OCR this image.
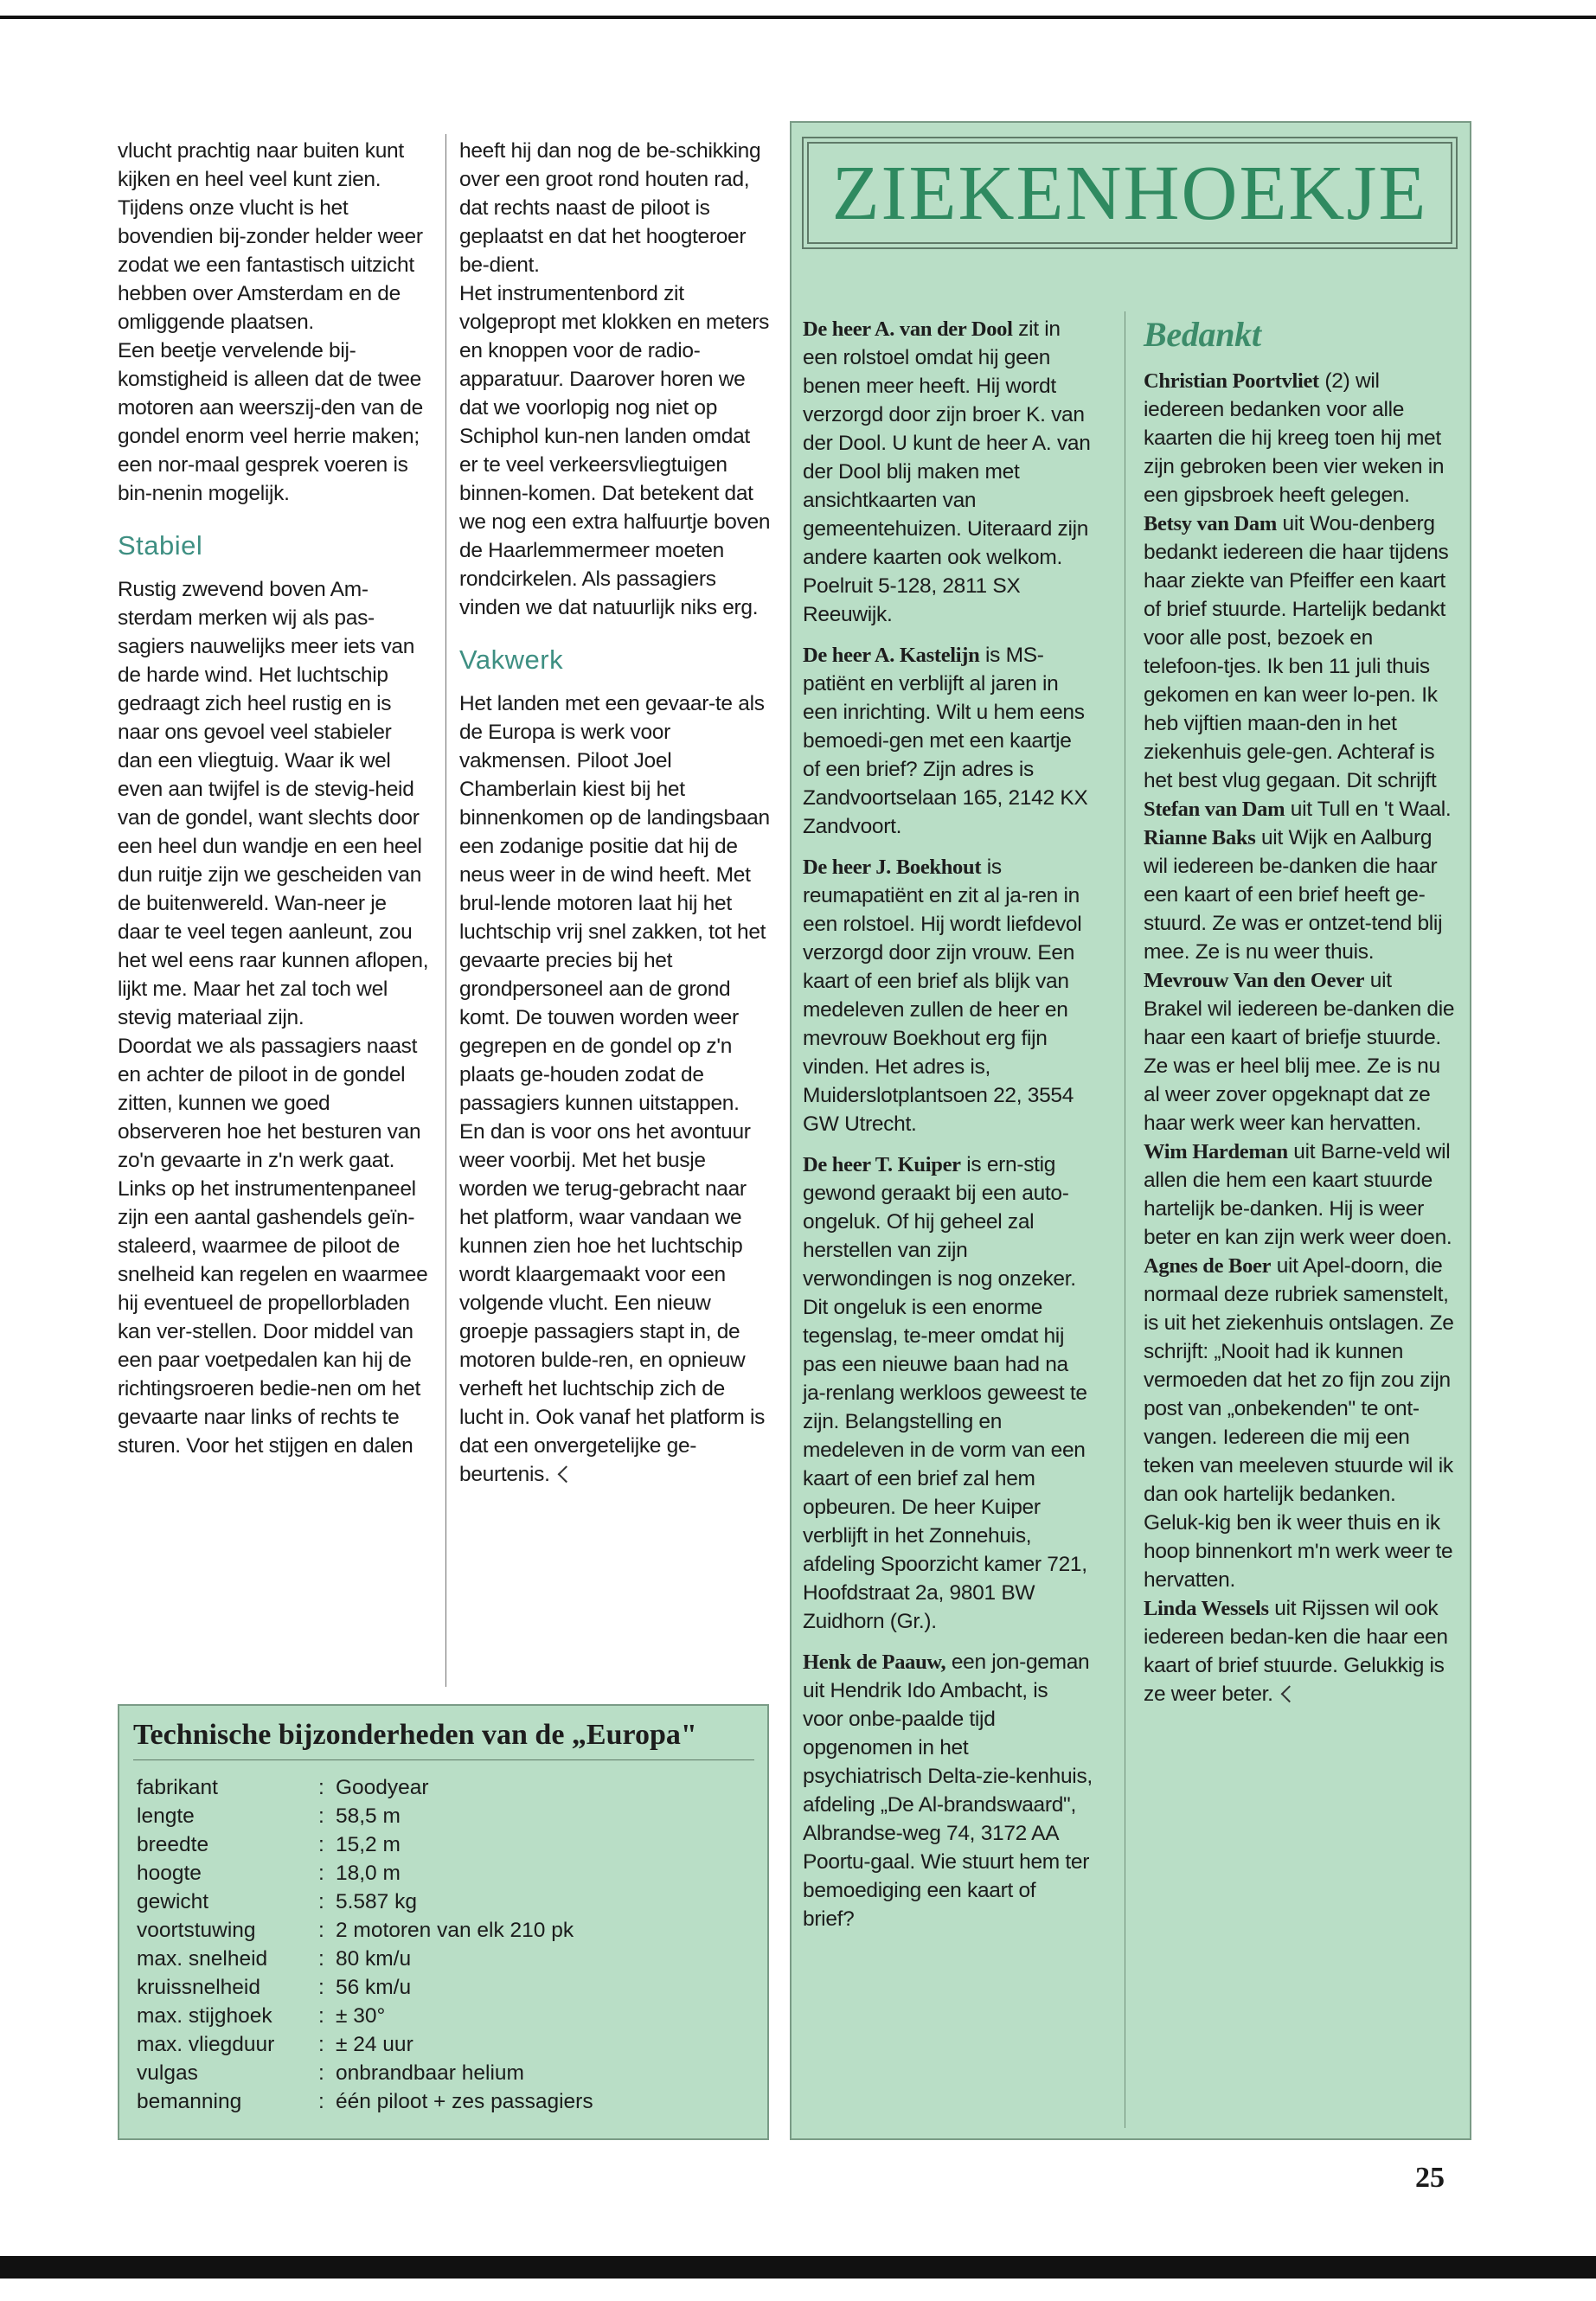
vlucht prachtig naar buiten kunt kijken en heel veel kunt zien. Tijdens onze vlucht is het bovendien bij-zonder helder weer zodat we een fantastisch uitzicht hebben over Amsterdam en de omliggende plaatsen.

Een beetje vervelende bij-komstigheid is alleen dat de twee motoren aan weerszij-den van de gondel enorm veel herrie maken; een nor-maal gesprek voeren is bin-nenin mogelijk.

Stabiel

Rustig zwevend boven Am-sterdam merken wij als pas-sagiers nauwelijks meer iets van de harde wind. Het luchtschip gedraagt zich heel rustig en is naar ons gevoel veel stabieler dan een vliegtuig. Waar ik wel even aan twijfel is de stevig-heid van de gondel, want slechts door een heel dun wandje en een heel dun ruitje zijn we gescheiden van de buitenwereld. Wan-neer je daar te veel tegen aanleunt, zou het wel eens raar kunnen aflopen, lijkt me. Maar het zal toch wel stevig materiaal zijn.

Doordat we als passagiers naast en achter de piloot in de gondel zitten, kunnen we goed observeren hoe het besturen van zo'n gevaarte in z'n werk gaat. Links op het instrumentenpaneel zijn een aantal gashendels geïn-staleerd, waarmee de piloot de snelheid kan regelen en waarmee hij eventueel de propellorbladen kan ver-stellen. Door middel van een paar voetpedalen kan hij de richtingsroeren bedie-nen om het gevaarte naar links of rechts te sturen. Voor het stijgen en dalen

heeft hij dan nog de be-schikking over een groot rond houten rad, dat rechts naast de piloot is geplaatst en dat het hoogteroer be-dient.

Het instrumentenbord zit volgepropt met klokken en meters en knoppen voor de radio-apparatuur. Daarover horen we dat we voorlopig nog niet op Schiphol kun-nen landen omdat er te veel verkeersvliegtuigen binnen-komen. Dat betekent dat we nog een extra halfuurtje boven de Haarlemmermeer moeten rondcirkelen. Als passagiers vinden we dat natuurlijk niks erg.

Vakwerk

Het landen met een gevaar-te als de Europa is werk voor vakmensen. Piloot Joel Chamberlain kiest bij het binnenkomen op de landingsbaan een zodanige positie dat hij de neus weer in de wind heeft. Met brul-lende motoren laat hij het luchtschip vrij snel zakken, tot het gevaarte precies bij het grondpersoneel aan de grond komt. De touwen worden weer gegrepen en de gondel op z'n plaats ge-houden zodat de passagiers kunnen uitstappen.

En dan is voor ons het avontuur weer voorbij. Met het busje worden we terug-gebracht naar het platform, waar vandaan we kunnen zien hoe het luchtschip wordt klaargemaakt voor een volgende vlucht. Een nieuw groepje passagiers stapt in, de motoren bulde-ren, en opnieuw verheft het luchtschip zich de lucht in. Ook vanaf het platform is dat een onvergetelijke ge-beurtenis.

Technische bijzonderheden van de „Europa"
fabrikant	: Goodyear
lengte	: 58,5 m
breedte	: 15,2 m
hoogte	: 18,0 m
gewicht	: 5.587 kg
voortstuwing	: 2 motoren van elk 210 pk
max. snelheid	: 80 km/u
kruissnelheid	: 56 km/u
max. stijghoek	: ± 30°
max. vliegduur	: ± 24 uur
vulgas	: onbrandbaar helium
bemanning	: één piloot + zes passagiers
ZIEKENHOEKJE

De heer A. van der Dool zit in een rolstoel omdat hij geen benen meer heeft. Hij wordt verzorgd door zijn broer K. van der Dool. U kunt de heer A. van der Dool blij maken met ansichtkaarten van gemeentehuizen. Uiteraard zijn andere kaarten ook welkom. Poelruit 5-128, 2811 SX Reeuwijk.

De heer A. Kastelijn is MS-patiënt en verblijft al jaren in een inrichting. Wilt u hem eens bemoedi-gen met een kaartje of een brief? Zijn adres is Zandvoortselaan 165, 2142 KX Zandvoort.

De heer J. Boekhout is reumapatiënt en zit al ja-ren in een rolstoel. Hij wordt liefdevol verzorgd door zijn vrouw. Een kaart of een brief als blijk van medeleven zullen de heer en mevrouw Boekhout erg fijn vinden. Het adres is, Muiderslotplantsoen 22, 3554 GW Utrecht.

De heer T. Kuiper is ern-stig gewond geraakt bij een auto-ongeluk. Of hij geheel zal herstellen van zijn verwondingen is nog onzeker. Dit ongeluk is een enorme tegenslag, te-meer omdat hij pas een nieuwe baan had na ja-renlang werkloos geweest te zijn. Belangstelling en medeleven in de vorm van een kaart of een brief zal hem opbeuren. De heer Kuiper verblijft in het Zonnehuis, afdeling Spoorzicht kamer 721, Hoofdstraat 2a, 9801 BW Zuidhorn (Gr.).

Henk de Paauw, een jon-geman uit Hendrik Ido Ambacht, is voor onbe-paalde tijd opgenomen in het psychiatrisch Delta-zie-kenhuis, afdeling „De Al-brandswaard", Albrandse-weg 74, 3172 AA Poortu-gaal. Wie stuurt hem ter bemoediging een kaart of brief?

Bedankt

Christian Poortvliet (2) wil iedereen bedanken voor alle kaarten die hij kreeg toen hij met zijn gebroken been vier weken in een gipsbroek heeft gelegen.

Betsy van Dam uit Wou-denberg bedankt iedereen die haar tijdens haar ziekte van Pfeiffer een kaart of brief stuurde. Hartelijk bedankt voor alle post, bezoek en telefoon-tjes. Ik ben 11 juli thuis gekomen en kan weer lo-pen. Ik heb vijftien maan-den in het ziekenhuis gele-gen. Achteraf is het best vlug gegaan. Dit schrijft

Stefan van Dam uit Tull en 't Waal.

Rianne Baks uit Wijk en Aalburg wil iedereen be-danken die haar een kaart of een brief heeft ge-stuurd. Ze was er ontzet-tend blij mee. Ze is nu weer thuis.

Mevrouw Van den Oever uit Brakel wil iedereen be-danken die haar een kaart of briefje stuurde. Ze was er heel blij mee. Ze is nu al weer zover opgeknapt dat ze haar werk weer kan hervatten.

Wim Hardeman uit Barne-veld wil allen die hem een kaart stuurde hartelijk be-danken. Hij is weer beter en kan zijn werk weer doen.

Agnes de Boer uit Apel-doorn, die normaal deze rubriek samenstelt, is uit het ziekenhuis ontslagen. Ze schrijft: „Nooit had ik kunnen vermoeden dat het zo fijn zou zijn post van „onbekenden" te ont-vangen. Iedereen die mij een teken van meeleven stuurde wil ik dan ook hartelijk bedanken. Geluk-kig ben ik weer thuis en ik hoop binnenkort m'n werk weer te hervatten.

Linda Wessels uit Rijssen wil ook iedereen bedan-ken die haar een kaart of brief stuurde. Gelukkig is ze weer beter.

25
